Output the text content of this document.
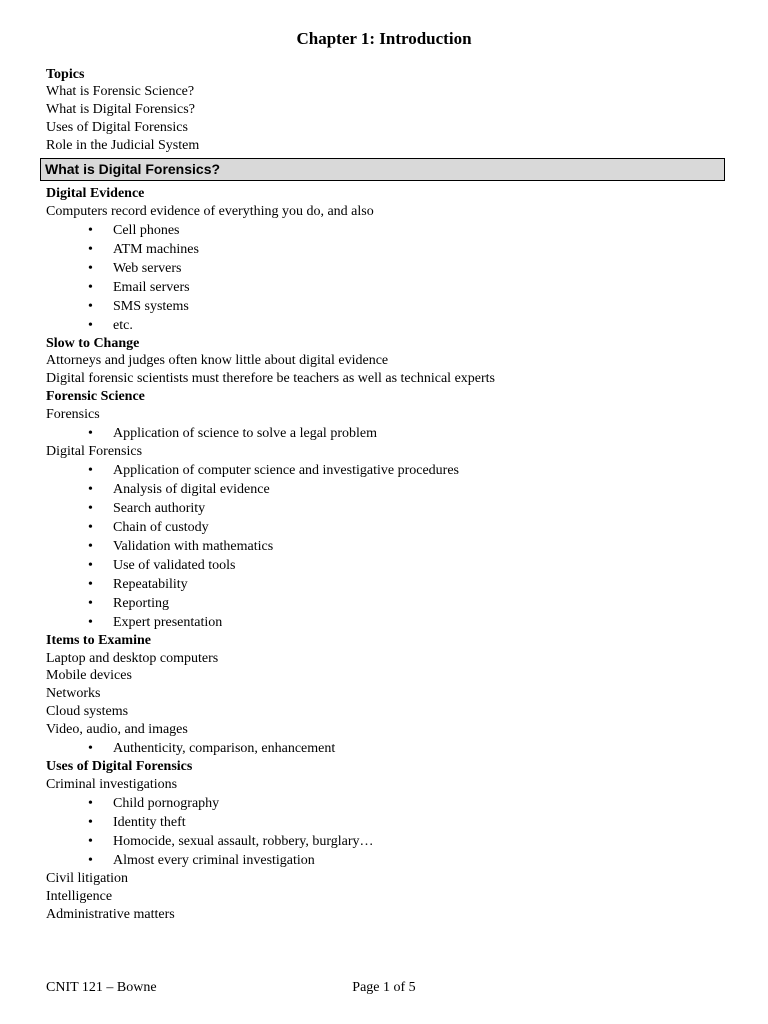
Chapter 1: Introduction
Topics
What is Forensic Science?
What is Digital Forensics?
Uses of Digital Forensics
Role in the Judicial System
What is Digital Forensics?
Digital Evidence
Computers record evidence of everything you do, and also
• Cell phones
• ATM machines
• Web servers
• Email servers
• SMS systems
• etc.
Slow to Change
Attorneys and judges often know little about digital evidence
Digital forensic scientists must therefore be teachers as well as technical experts
Forensic Science
Forensics
• Application of science to solve a legal problem
Digital Forensics
• Application of computer science and investigative procedures
• Analysis of digital evidence
• Search authority
• Chain of custody
• Validation with mathematics
• Use of validated tools
• Repeatability
• Reporting
• Expert presentation
Items to Examine
Laptop and desktop computers
Mobile devices
Networks
Cloud systems
Video, audio, and images
• Authenticity, comparison, enhancement
Uses of Digital Forensics
Criminal investigations
• Child pornography
• Identity theft
• Homocide, sexual assault, robbery, burglary…
• Almost every criminal investigation
Civil litigation
Intelligence
Administrative matters
CNIT 121 – Bowne	Page 1 of 5
